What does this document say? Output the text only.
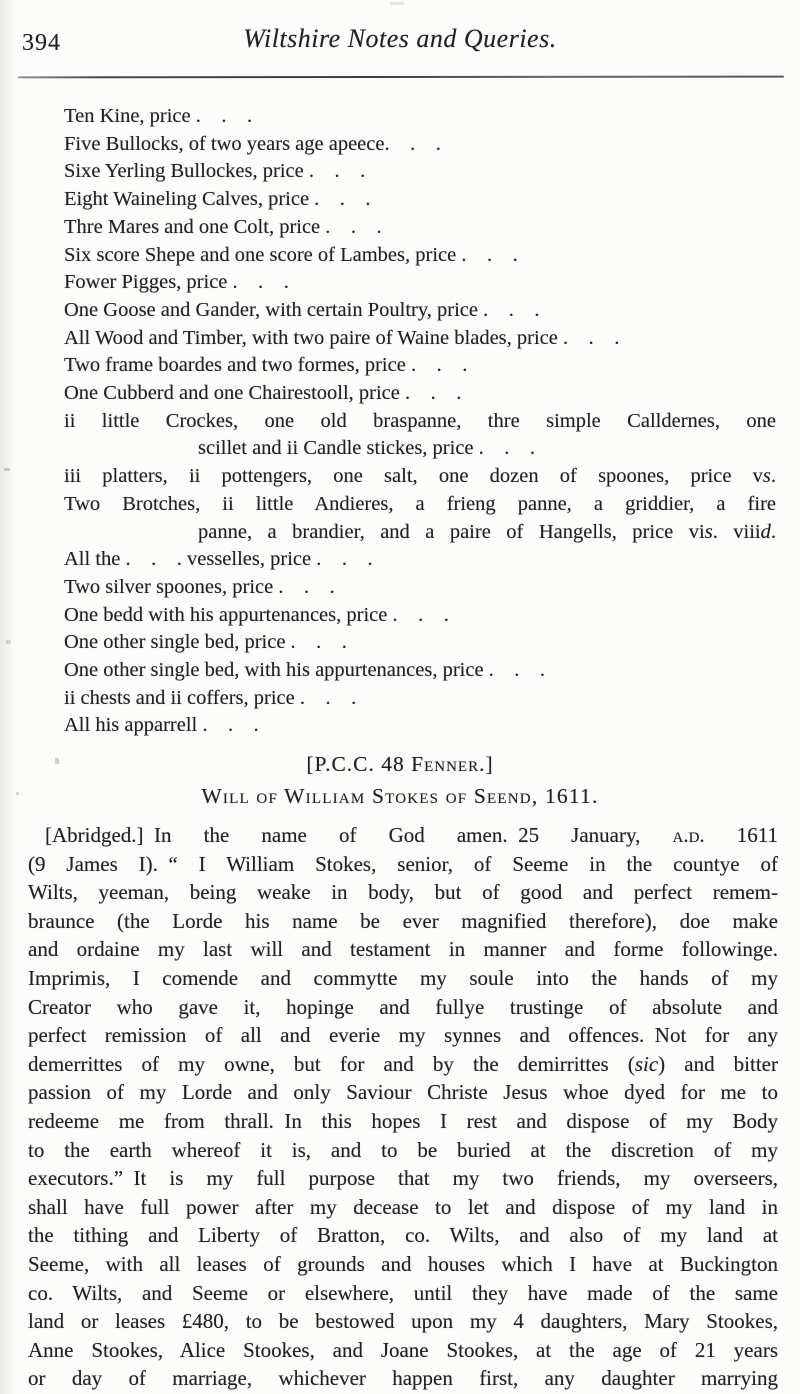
394	Wiltshire Notes and Queries.
Ten Kine, price . . .
Five Bullocks, of two years age apeece. . .
Sixe Yerling Bullockes, price . . .
Eight Waineling Calves, price . . .
Thre Mares and one Colt, price . . .
Six score Shepe and one score of Lambes, price . . .
Fower Pigges, price . . .
One Goose and Gander, with certain Poultry, price . . .
All Wood and Timber, with two paire of Waine blades, price . . .
Two frame boardes and two formes, price . . .
One Cubberd and one Chairestooll, price . . .
ii little Crockes, one old braspanne, thre simple Calldernes, one
scillet and ii Candle stickes, price . . .
iii platters, ii pottengers, one salt, one dozen of spoones, price vs.
Two Brotches, ii little Andieres, a frieng panne, a griddier, a fire
panne, a brandier, and a paire of Hangells, price vis. viiid.
All the . . . vesselles, price . . .
Two silver spoones, price . . .
One bedd with his appurtenances, price . . .
One other single bed, price . . .
One other single bed, with his appurtenances, price . . .
ii chests and ii coffers, price . . .
All his apparrell . . .
[P.C.C. 48 Fenner.]
Will of William Stokes of Seend, 1611.
[Abridged.] In the name of God amen. 25 January, a.d. 1611
(9 James I). “ I William Stokes, senior, of Seeme in the countye of
Wilts, yeeman, being weake in body, but of good and perfect remem-
braunce (the Lorde his name be ever magnified therefore), doe make
and ordaine my last will and testament in manner and forme followinge.
Imprimis, I comende and commytte my soule into the hands of my
Creator who gave it, hopinge and fullye trustinge of absolute and
perfect remission of all and everie my synnes and offences. Not for any
demerrittes of my owne, but for and by the demirrittes (sic) and bitter
passion of my Lorde and only Saviour Christe Jesus whoe dyed for me to
redeeme me from thrall. In this hopes I rest and dispose of my Body
to the earth whereof it is, and to be buried at the discretion of my
executors.” It is my full purpose that my two friends, my overseers,
shall have full power after my decease to let and dispose of my land in
the tithing and Liberty of Bratton, co. Wilts, and also of my land at
Seeme, with all leases of grounds and houses which I have at Buckington
co. Wilts, and Seeme or elsewhere, until they have made of the same
land or leases £480, to be bestowed upon my 4 daughters, Mary Stookes,
Anne Stookes, Alice Stookes, and Joane Stookes, at the age of 21 years
or day of marriage, whichever happen first, any daughter marrying
